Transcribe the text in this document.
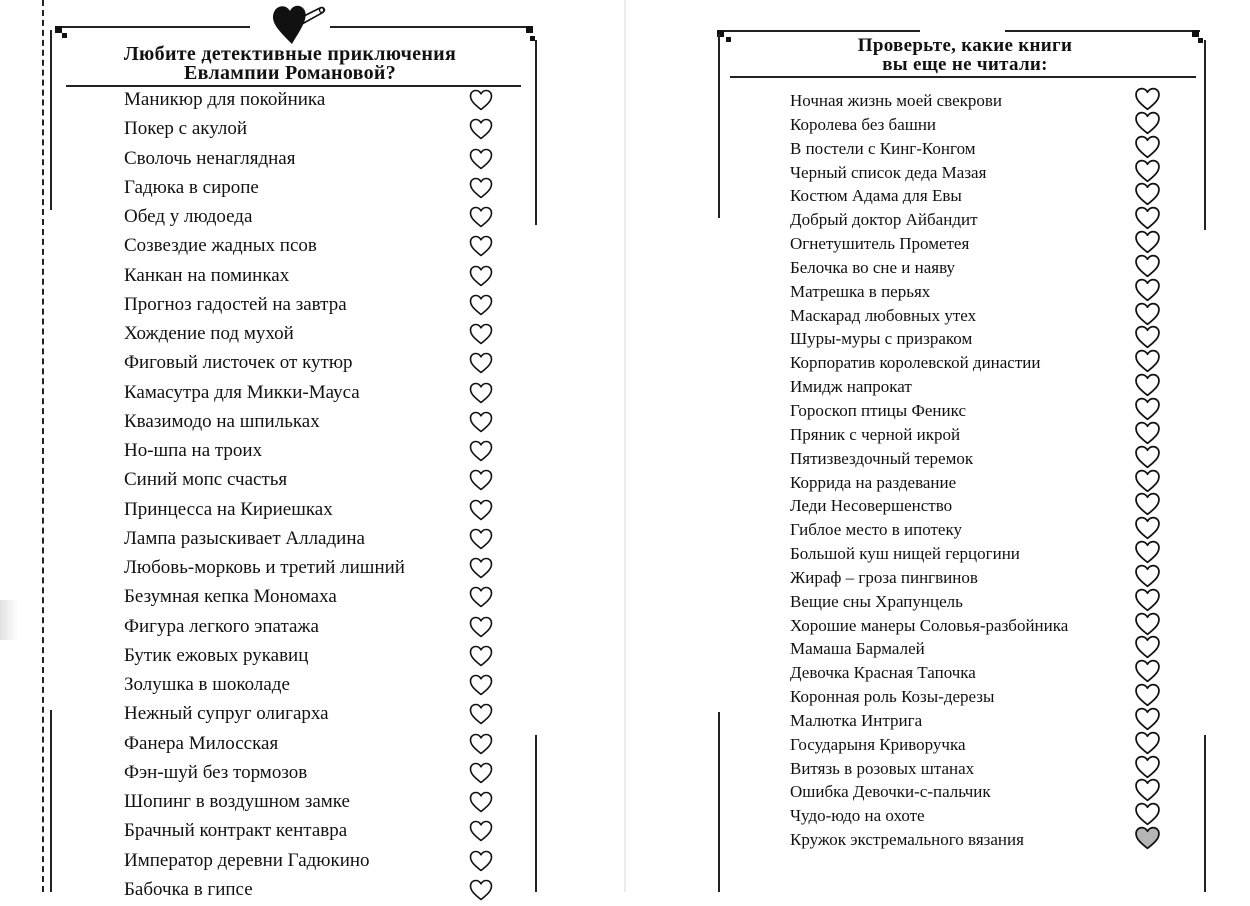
Любите детективные приключения
Евлампии Романовой?
Маникюр для покойника
Покер с акулой
Сволочь ненаглядная
Гадюка в сиропе
Обед у людоеда
Созвездие жадных псов
Канкан на поминках
Прогноз гадостей на завтра
Хождение под мухой
Фиговый листочек от кутюр
Камасутра для Микки-Мауса
Квазимодо на шпильках
Но-шпа на троих
Синий мопс счастья
Принцесса на Кириешках
Лампа разыскивает Алладина
Любовь-морковь и третий лишний
Безумная кепка Мономаха
Фигура легкого эпатажа
Бутик ежовых рукавиц
Золушка в шоколаде
Нежный супруг олигарха
Фанера Милосская
Фэн-шуй без тормозов
Шопинг в воздушном замке
Брачный контракт кентавра
Император деревни Гадюкино
Бабочка в гипсе
Проверьте, какие книги
вы еще не читали:
Ночная жизнь моей свекрови
Королева без башни
В постели с Кинг-Конгом
Черный список деда Мазая
Костюм Адама для Евы
Добрый доктор Айбандит
Огнетушитель Прометея
Белочка во сне и наяву
Матрешка в перьях
Маскарад любовных утех
Шуры-муры с призраком
Корпоратив королевской династии
Имидж напрокат
Гороскоп птицы Феникс
Пряник с черной икрой
Пятизвездочный теремок
Коррида на раздевание
Леди Несовершенство
Гиблое место в ипотеку
Большой куш нищей герцогини
Жираф – гроза пингвинов
Вещие сны Храпунцель
Хорошие манеры Соловья-разбойника
Мамаша Бармалей
Девочка Красная Тапочка
Коронная роль Козы-дерезы
Малютка Интрига
Государыня Криворучка
Витязь в розовых штанах
Ошибка Девочки-с-пальчик
Чудо-юдо на охоте
Кружок экстремального вязания
